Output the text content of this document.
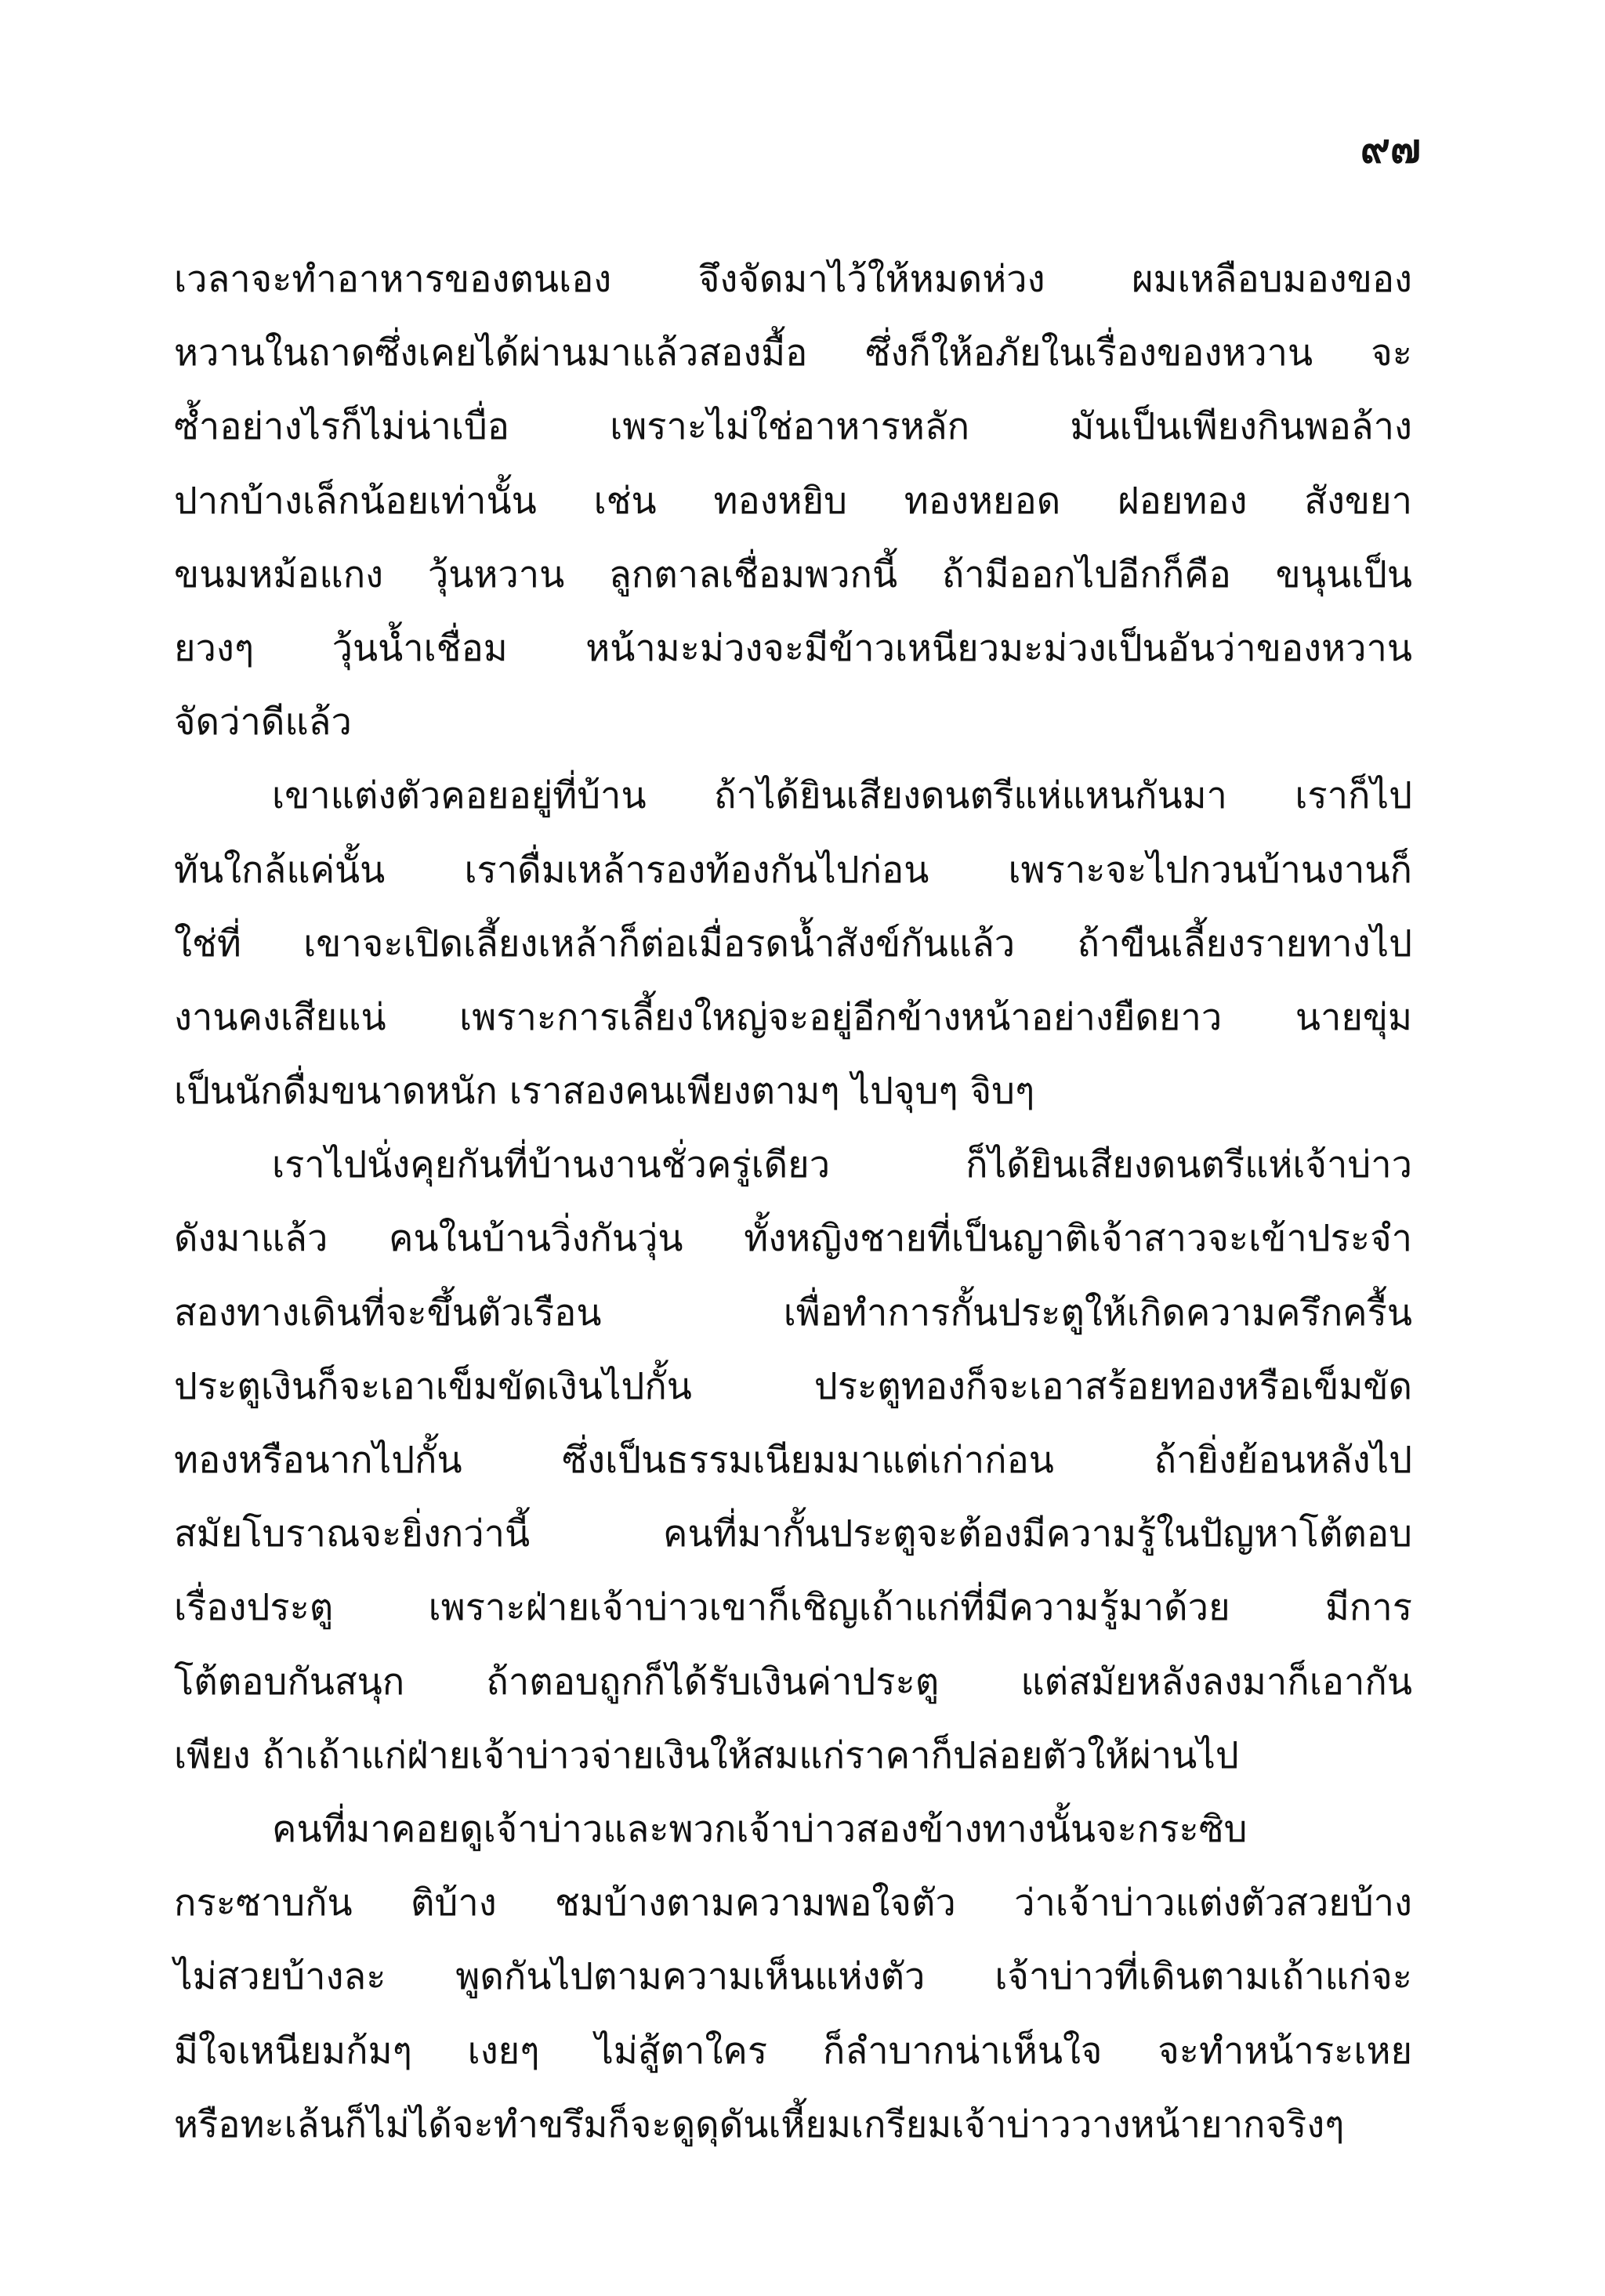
๙๗
เวลาจะทำอาหารของตนเอง จึงจัดมาไว้ให้หมดห่วง ผมเหลือบมองของ
หวานในถาดซึ่งเคยได้ผ่านมาแล้วสองมื้อ ซึ่งก็ให้อภัยในเรื่องของหวาน จะ
ซ้ำอย่างไรก็ไม่น่าเบื่อ เพราะไม่ใช่อาหารหลัก มันเป็นเพียงกินพอล้าง
ปากบ้างเล็กน้อยเท่านั้น เช่น ทองหยิบ ทองหยอด ฝอยทอง สังขยา
ขนมหม้อแกง วุ้นหวาน ลูกตาลเชื่อมพวกนี้ ถ้ามีออกไปอีกก็คือ ขนุนเป็น
ยวงๆ วุ้นน้ำเชื่อม หน้ามะม่วงจะมีข้าวเหนียวมะม่วงเป็นอันว่าของหวาน
จัดว่าดีแล้ว
เขาแต่งตัวคอยอยู่ที่บ้าน ถ้าได้ยินเสียงดนตรีแห่แหนกันมา เราก็ไป
ทันใกล้แค่นั้น เราดื่มเหล้ารองท้องกันไปก่อน เพราะจะไปกวนบ้านงานก็
ใช่ที่ เขาจะเปิดเลี้ยงเหล้าก็ต่อเมื่อรดน้ำสังข์กันแล้ว ถ้าขืนเลี้ยงรายทางไป
งานคงเสียแน่ เพราะการเลี้ยงใหญ่จะอยู่อีกข้างหน้าอย่างยืดยาว นายขุ่ม
เป็นนักดื่มขนาดหนัก เราสองคนเพียงตามๆ ไปจุบๆ จิบๆ
เราไปนั่งคุยกันที่บ้านงานชั่วครู่เดียว ก็ได้ยินเสียงดนตรีแห่เจ้าบ่าว
ดังมาแล้ว คนในบ้านวิ่งกันวุ่น ทั้งหญิงชายที่เป็นญาติเจ้าสาวจะเข้าประจำ
สองทางเดินที่จะขึ้นตัวเรือน เพื่อทำการกั้นประตูให้เกิดความครึกครื้น
ประตูเงินก็จะเอาเข็มขัดเงินไปกั้น ประตูทองก็จะเอาสร้อยทองหรือเข็มขัด
ทองหรือนากไปกั้น ซึ่งเป็นธรรมเนียมมาแต่เก่าก่อน ถ้ายิ่งย้อนหลังไป
สมัยโบราณจะยิ่งกว่านี้ คนที่มากั้นประตูจะต้องมีความรู้ในปัญหาโต้ตอบ
เรื่องประตู เพราะฝ่ายเจ้าบ่าวเขาก็เชิญเถ้าแก่ที่มีความรู้มาด้วย มีการ
โต้ตอบกันสนุก ถ้าตอบถูกก็ได้รับเงินค่าประตู แต่สมัยหลังลงมาก็เอากัน
เพียง ถ้าเถ้าแก่ฝ่ายเจ้าบ่าวจ่ายเงินให้สมแก่ราคาก็ปล่อยตัวให้ผ่านไป
คนที่มาคอยดูเจ้าบ่าวและพวกเจ้าบ่าวสองข้างทางนั้นจะกระซิบ
กระซาบกัน ติบ้าง ชมบ้างตามความพอใจตัว ว่าเจ้าบ่าวแต่งตัวสวยบ้าง
ไม่สวยบ้างละ พูดกันไปตามความเห็นแห่งตัว เจ้าบ่าวที่เดินตามเถ้าแก่จะ
มีใจเหนียมก้มๆ เงยๆ ไม่สู้ตาใคร ก็ลำบากน่าเห็นใจ จะทำหน้าระเหย
หรือทะเล้นก็ไม่ได้จะทำขรึมก็จะดูดุดันเหี้ยมเกรียมเจ้าบ่าววางหน้ายากจริงๆ
